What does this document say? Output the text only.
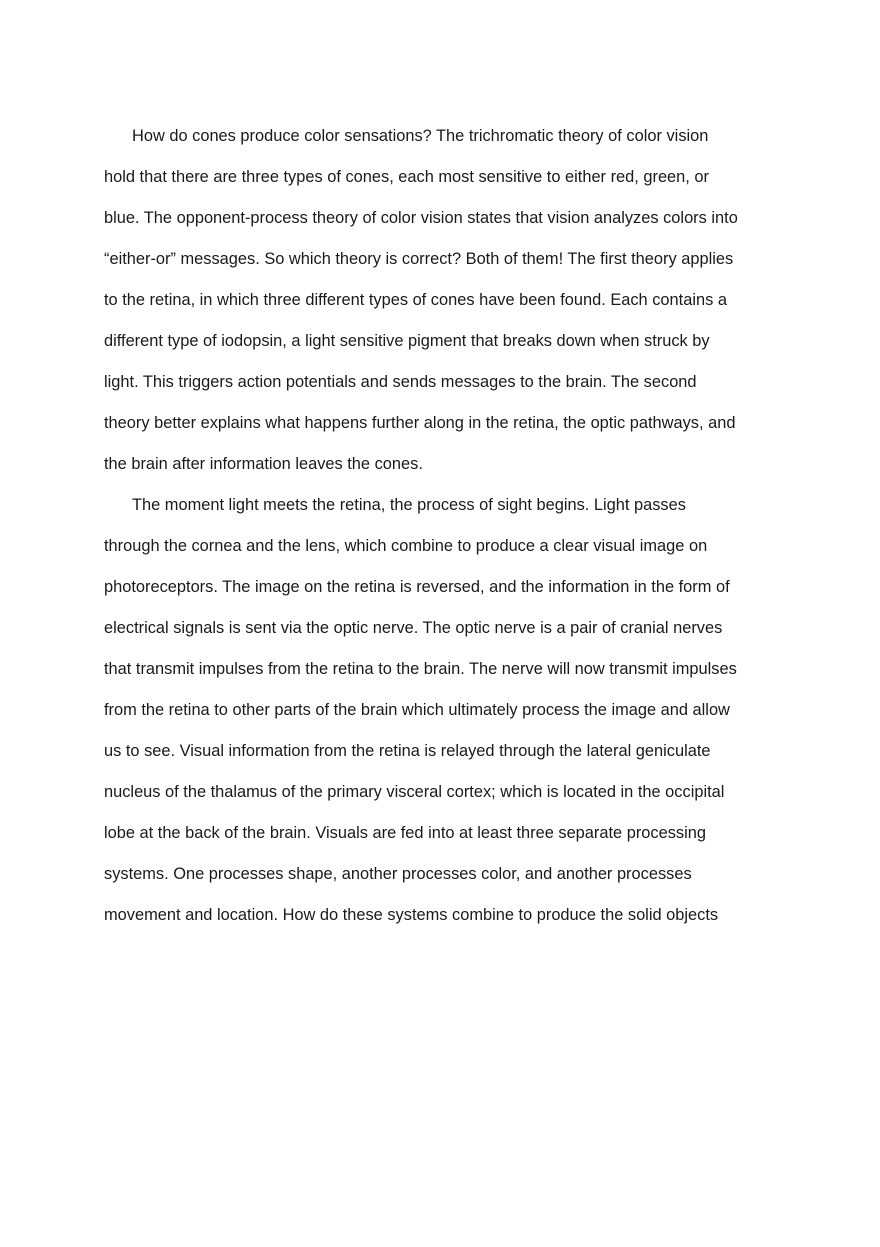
How do cones produce color sensations? The trichromatic theory of color vision
hold that there are three types of cones, each most sensitive to either red, green, or
blue. The opponent-process theory of color vision states that vision analyzes colors into
“either-or” messages. So which theory is correct? Both of them! The first theory applies
to the retina, in which three different types of cones have been found. Each contains a
different type of iodopsin, a light sensitive pigment that breaks down when struck by
light. This triggers action potentials and sends messages to the brain. The second
theory better explains what happens further along in the retina, the optic pathways, and
the brain after information leaves the cones.
The moment light meets the retina, the process of sight begins. Light passes
through the cornea and the lens, which combine to produce a clear visual image on
photoreceptors. The image on the retina is reversed, and the information in the form of
electrical signals is sent via the optic nerve. The optic nerve is a pair of cranial nerves
that transmit impulses from the retina to the brain. The nerve will now transmit impulses
from the retina to other parts of the brain which ultimately process the image and allow
us to see. Visual information from the retina is relayed through the lateral geniculate
nucleus of the thalamus of the primary visceral cortex; which is located in the occipital
lobe at the back of the brain. Visuals are fed into at least three separate processing
systems. One processes shape, another processes color, and another processes
movement and location. How do these systems combine to produce the solid objects
